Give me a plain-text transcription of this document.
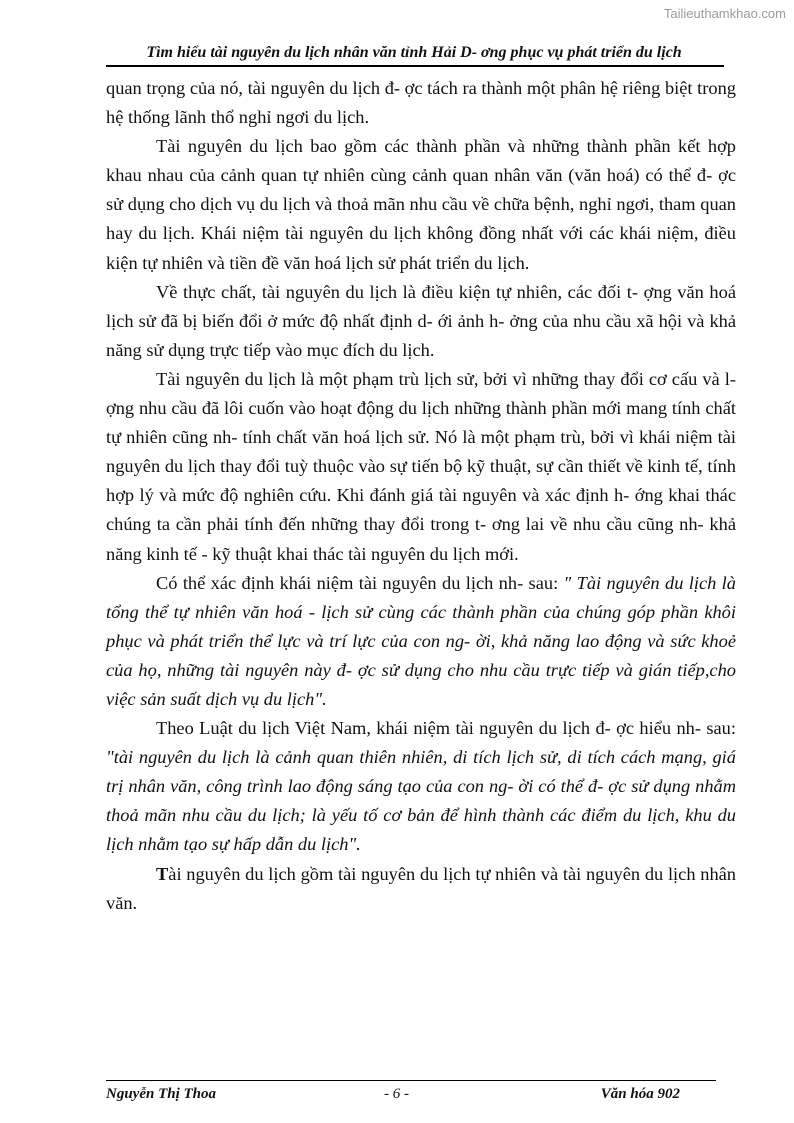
Tailieuthamkhao.com
Tìm hiểu tài nguyên du lịch nhân văn tỉnh Hải D- ơng phục vụ phát triển du lịch

quan trọng của nó, tài nguyên du lịch đ- ợc tách ra thành một phân hệ riêng biệt trong hệ thống lãnh thổ nghỉ ngơi du lịch.

Tài nguyên du lịch bao gồm các thành phần và những thành phần kết hợp khau nhau của cảnh quan tự nhiên cùng cảnh quan nhân văn (văn hoá) có thể đ- ợc sử dụng cho dịch vụ du lịch và thoả mãn nhu cầu về chữa bệnh, nghỉ ngơi, tham quan hay du lịch. Khái niệm tài nguyên du lịch không đồng nhất với các khái niệm, điều kiện tự nhiên và tiền đề văn hoá lịch sử phát triển du lịch.

Về thực chất, tài nguyên du lịch là điều kiện tự nhiên, các đối t- ợng văn hoá lịch sử đã bị biến đổi ở mức độ nhất định d- ới ảnh h- ởng của nhu cầu xã hội và khả năng sử dụng trực tiếp vào mục đích du lịch.

Tài nguyên du lịch là một phạm trù lịch sử, bởi vì những thay đổi cơ cấu và l- ợng nhu cầu đã lôi cuốn vào hoạt động du lịch những thành phần mới mang tính chất tự nhiên cũng nh- tính chất văn hoá lịch sử. Nó là một phạm trù, bởi vì khái niệm tài nguyên du lịch thay đổi tuỳ thuộc vào sự tiến bộ kỹ thuật, sự cần thiết về kinh tế, tính hợp lý và mức độ nghiên cứu. Khi đánh giá tài nguyên và xác định h- ớng khai thác chúng ta cần phải tính đến những thay đổi trong t- ơng lai về nhu cầu cũng nh- khả năng kinh tế - kỹ thuật khai thác tài nguyên du lịch mới.

Có thể xác định khái niệm tài nguyên du lịch nh- sau: " Tài nguyên du lịch là tổng thể tự nhiên văn hoá - lịch sử cùng các thành phần của chúng góp phần khôi phục và phát triển thể lực và trí lực của con ng- ời, khả năng lao động và sức khoẻ của họ, những tài nguyên này đ- ợc sử dụng cho nhu cầu trực tiếp và gián tiếp,cho việc sản suất dịch vụ du lịch".

Theo Luật du lịch Việt Nam, khái niệm tài nguyên du lịch đ- ợc hiểu nh- sau: "tài nguyên du lịch là cảnh quan thiên nhiên, di tích lịch sử, di tích cách mạng, giá trị nhân văn, công trình lao động sáng tạo của con ng- ời có thể đ- ợc sử dụng nhằm thoả mãn nhu cầu du lịch; là yếu tố cơ bản để hình thành các điểm du lịch, khu du lịch nhằm tạo sự hấp dẫn du lịch".

Tài nguyên du lịch gồm tài nguyên du lịch tự nhiên và tài nguyên du lịch nhân văn.

Nguyễn Thị Thoa	- 6 -	Văn hóa 902
